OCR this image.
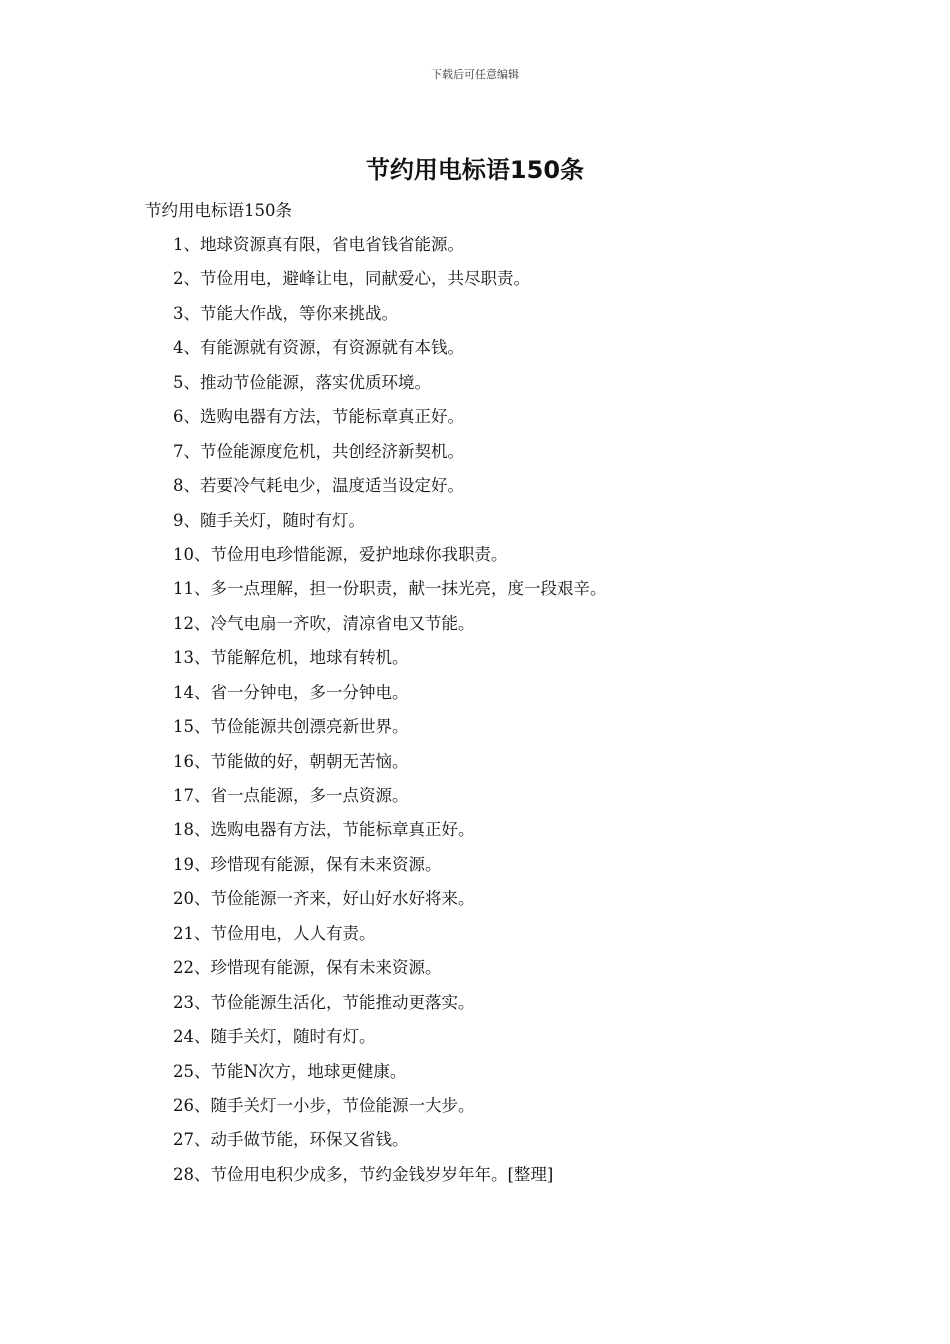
下载后可任意编辑
节约用电标语150条
节约用电标语150条
1、地球资源真有限，省电省钱省能源。
2、节俭用电，避峰让电，同献爱心，共尽职责。
3、节能大作战，等你来挑战。
4、有能源就有资源，有资源就有本钱。
5、推动节俭能源，落实优质环境。
6、选购电器有方法，节能标章真正好。
7、节俭能源度危机，共创经济新契机。
8、若要冷气耗电少，温度适当设定好。
9、随手关灯，随时有灯。
10、节俭用电珍惜能源，爱护地球你我职责。
11、多一点理解，担一份职责，献一抹光亮，度一段艰辛。
12、冷气电扇一齐吹，清凉省电又节能。
13、节能解危机，地球有转机。
14、省一分钟电，多一分钟电。
15、节俭能源共创漂亮新世界。
16、节能做的好，朝朝无苦恼。
17、省一点能源，多一点资源。
18、选购电器有方法，节能标章真正好。
19、珍惜现有能源，保有未来资源。
20、节俭能源一齐来，好山好水好将来。
21、节俭用电，人人有责。
22、珍惜现有能源，保有未来资源。
23、节俭能源生活化，节能推动更落实。
24、随手关灯，随时有灯。
25、节能N次方，地球更健康。
26、随手关灯一小步，节俭能源一大步。
27、动手做节能，环保又省钱。
28、节俭用电积少成多，节约金钱岁岁年年。[整理]
